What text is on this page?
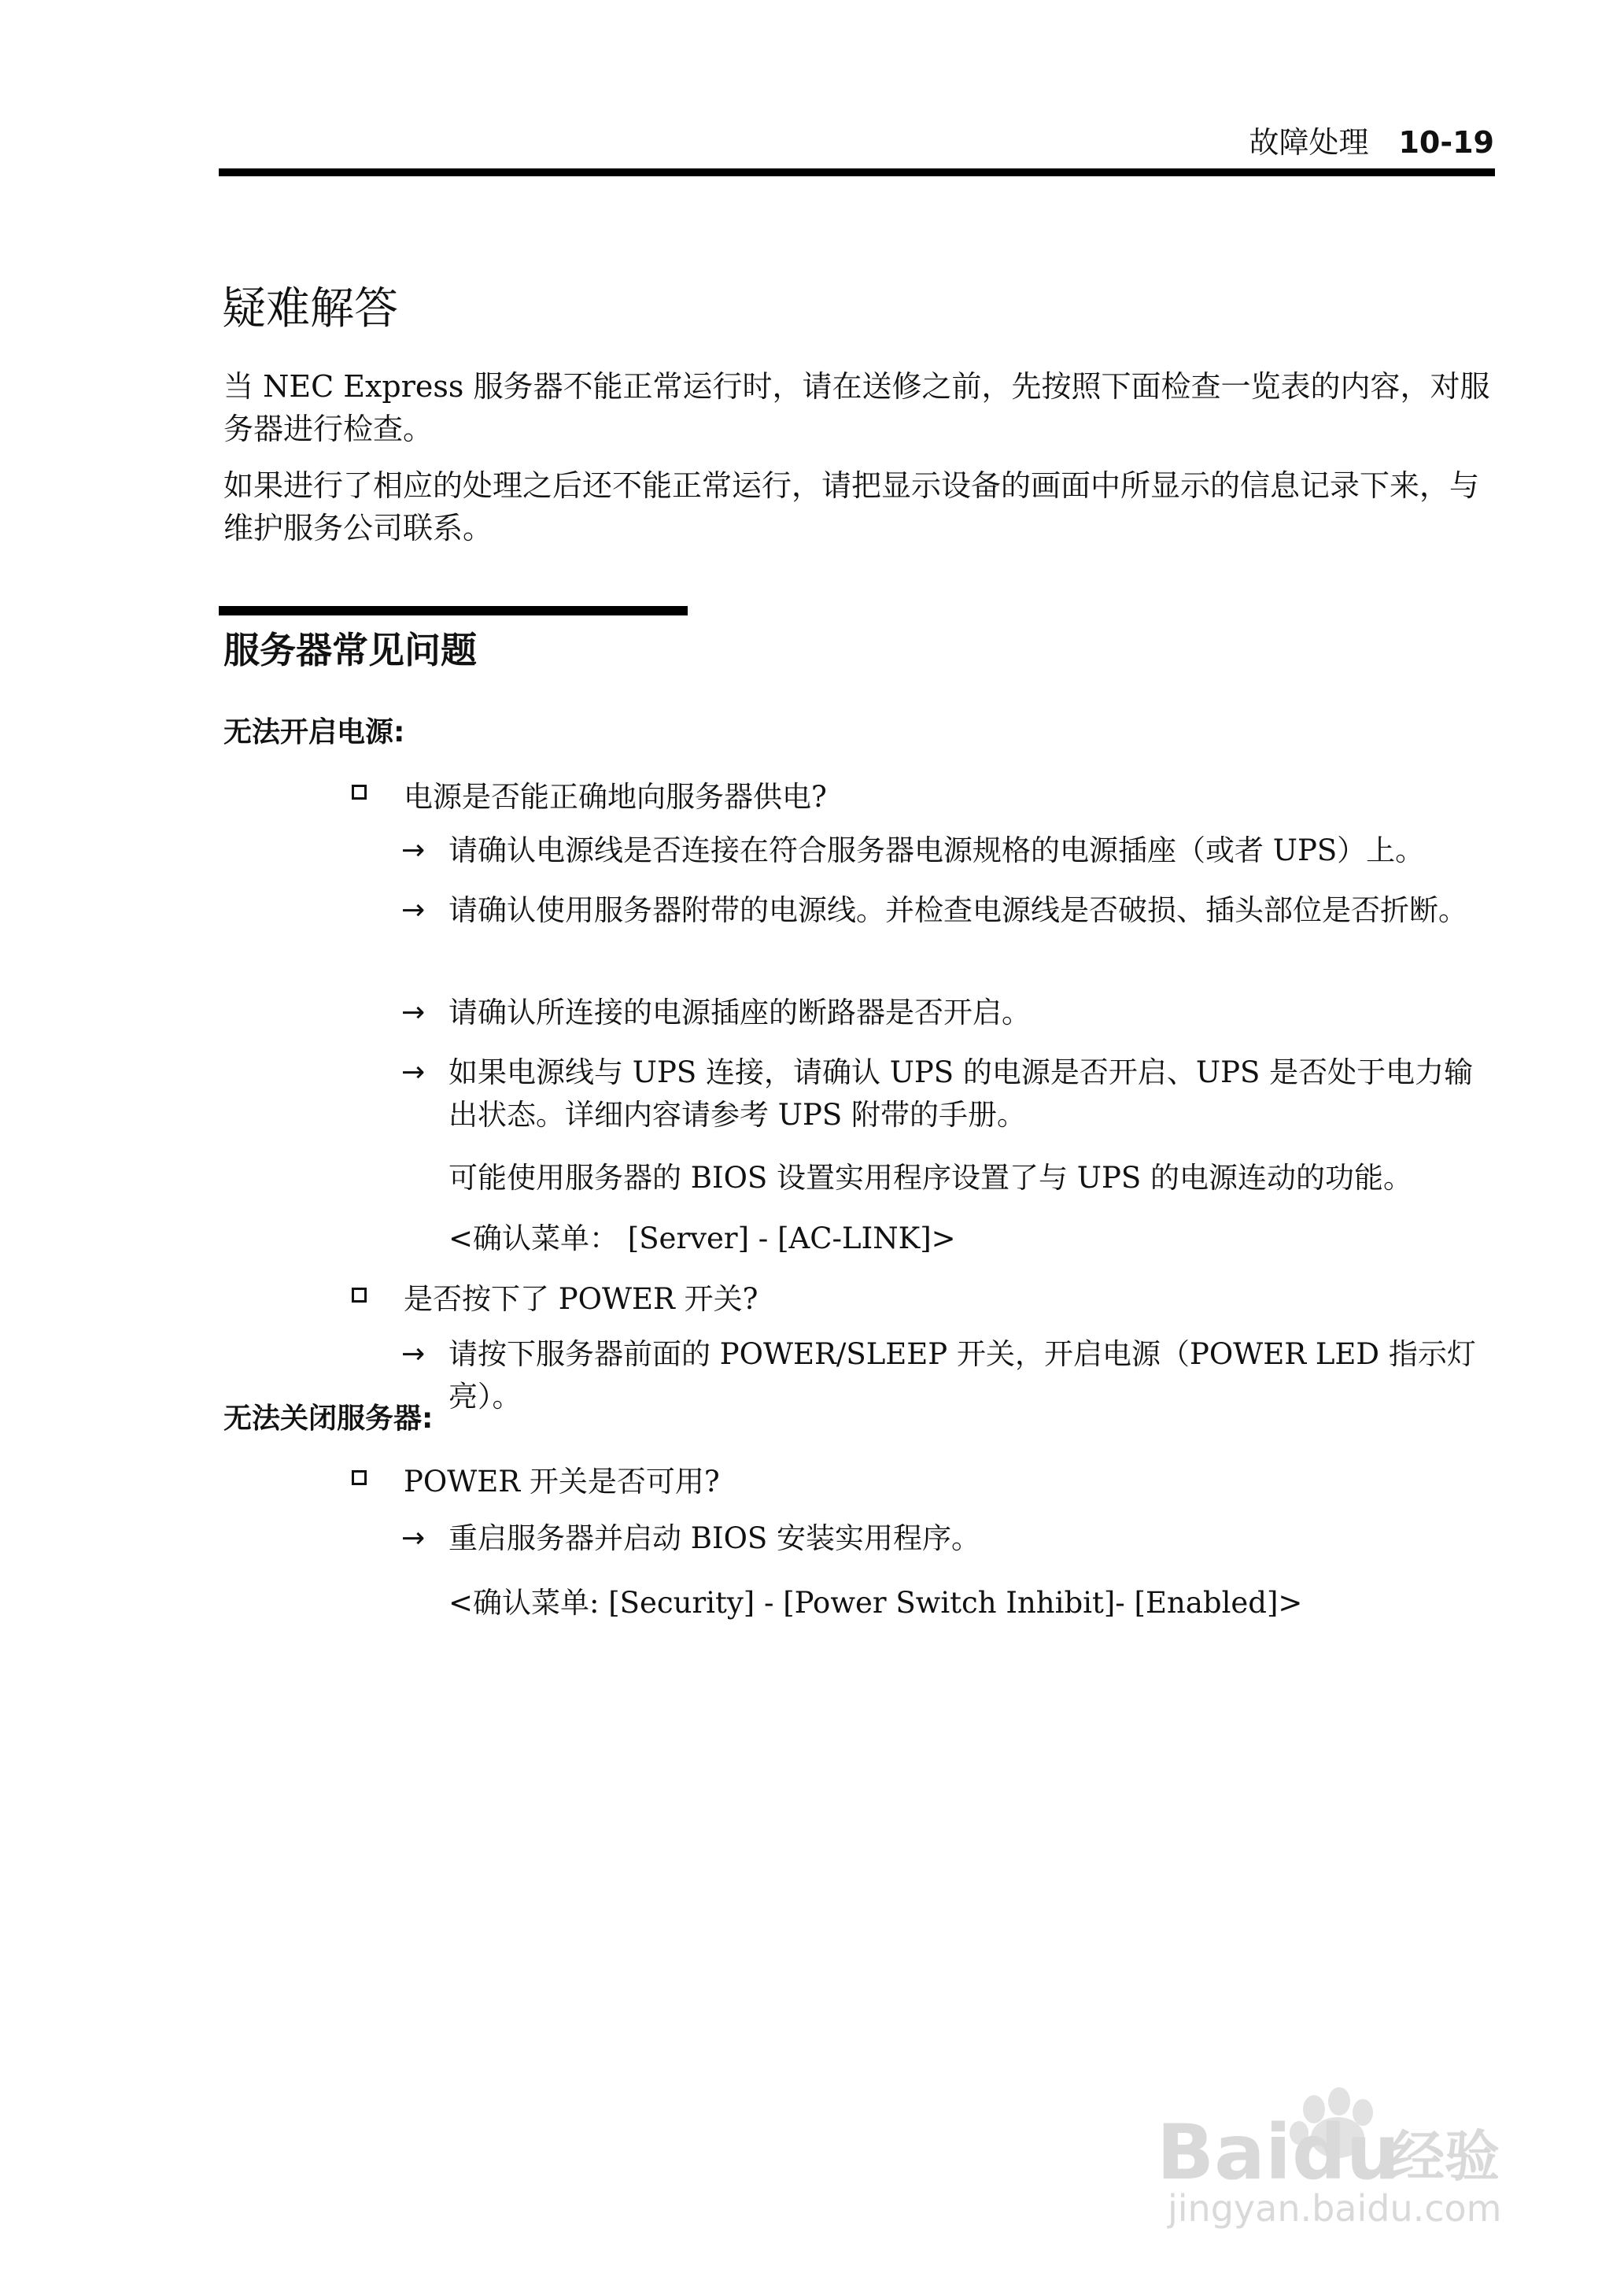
故障处理 10-19
疑难解答
当 NEC Express 服务器不能正常运行时，请在送修之前，先按照下面检查一览表的内容，对服务器进行检查。
如果进行了相应的处理之后还不能正常运行，请把显示设备的画面中所显示的信息记录下来，与维护服务公司联系。
服务器常见问题
无法开启电源:
电源是否能正确地向服务器供电?
→ 请确认电源线是否连接在符合服务器电源规格的电源插座（或者 UPS）上。
→ 请确认使用服务器附带的电源线。并检查电源线是否破损、插头部位是否折断。
→ 请确认所连接的电源插座的断路器是否开启。
→ 如果电源线与 UPS 连接，请确认 UPS 的电源是否开启、UPS 是否处于电力输出状态。详细内容请参考 UPS 附带的手册。
可能使用服务器的 BIOS 设置实用程序设置了与 UPS 的电源连动的功能。
<确认菜单： [Server] - [AC-LINK]>
是否按下了 POWER 开关?
→ 请按下服务器前面的 POWER/SLEEP 开关，开启电源（POWER LED 指示灯亮）。
无法关闭服务器:
POWER 开关是否可用?
→ 重启服务器并启动 BIOS 安装实用程序。
<确认菜单: [Security] - [Power Switch Inhibit]- [Enabled]>
Bai du
经验
jingyan.baidu.com
